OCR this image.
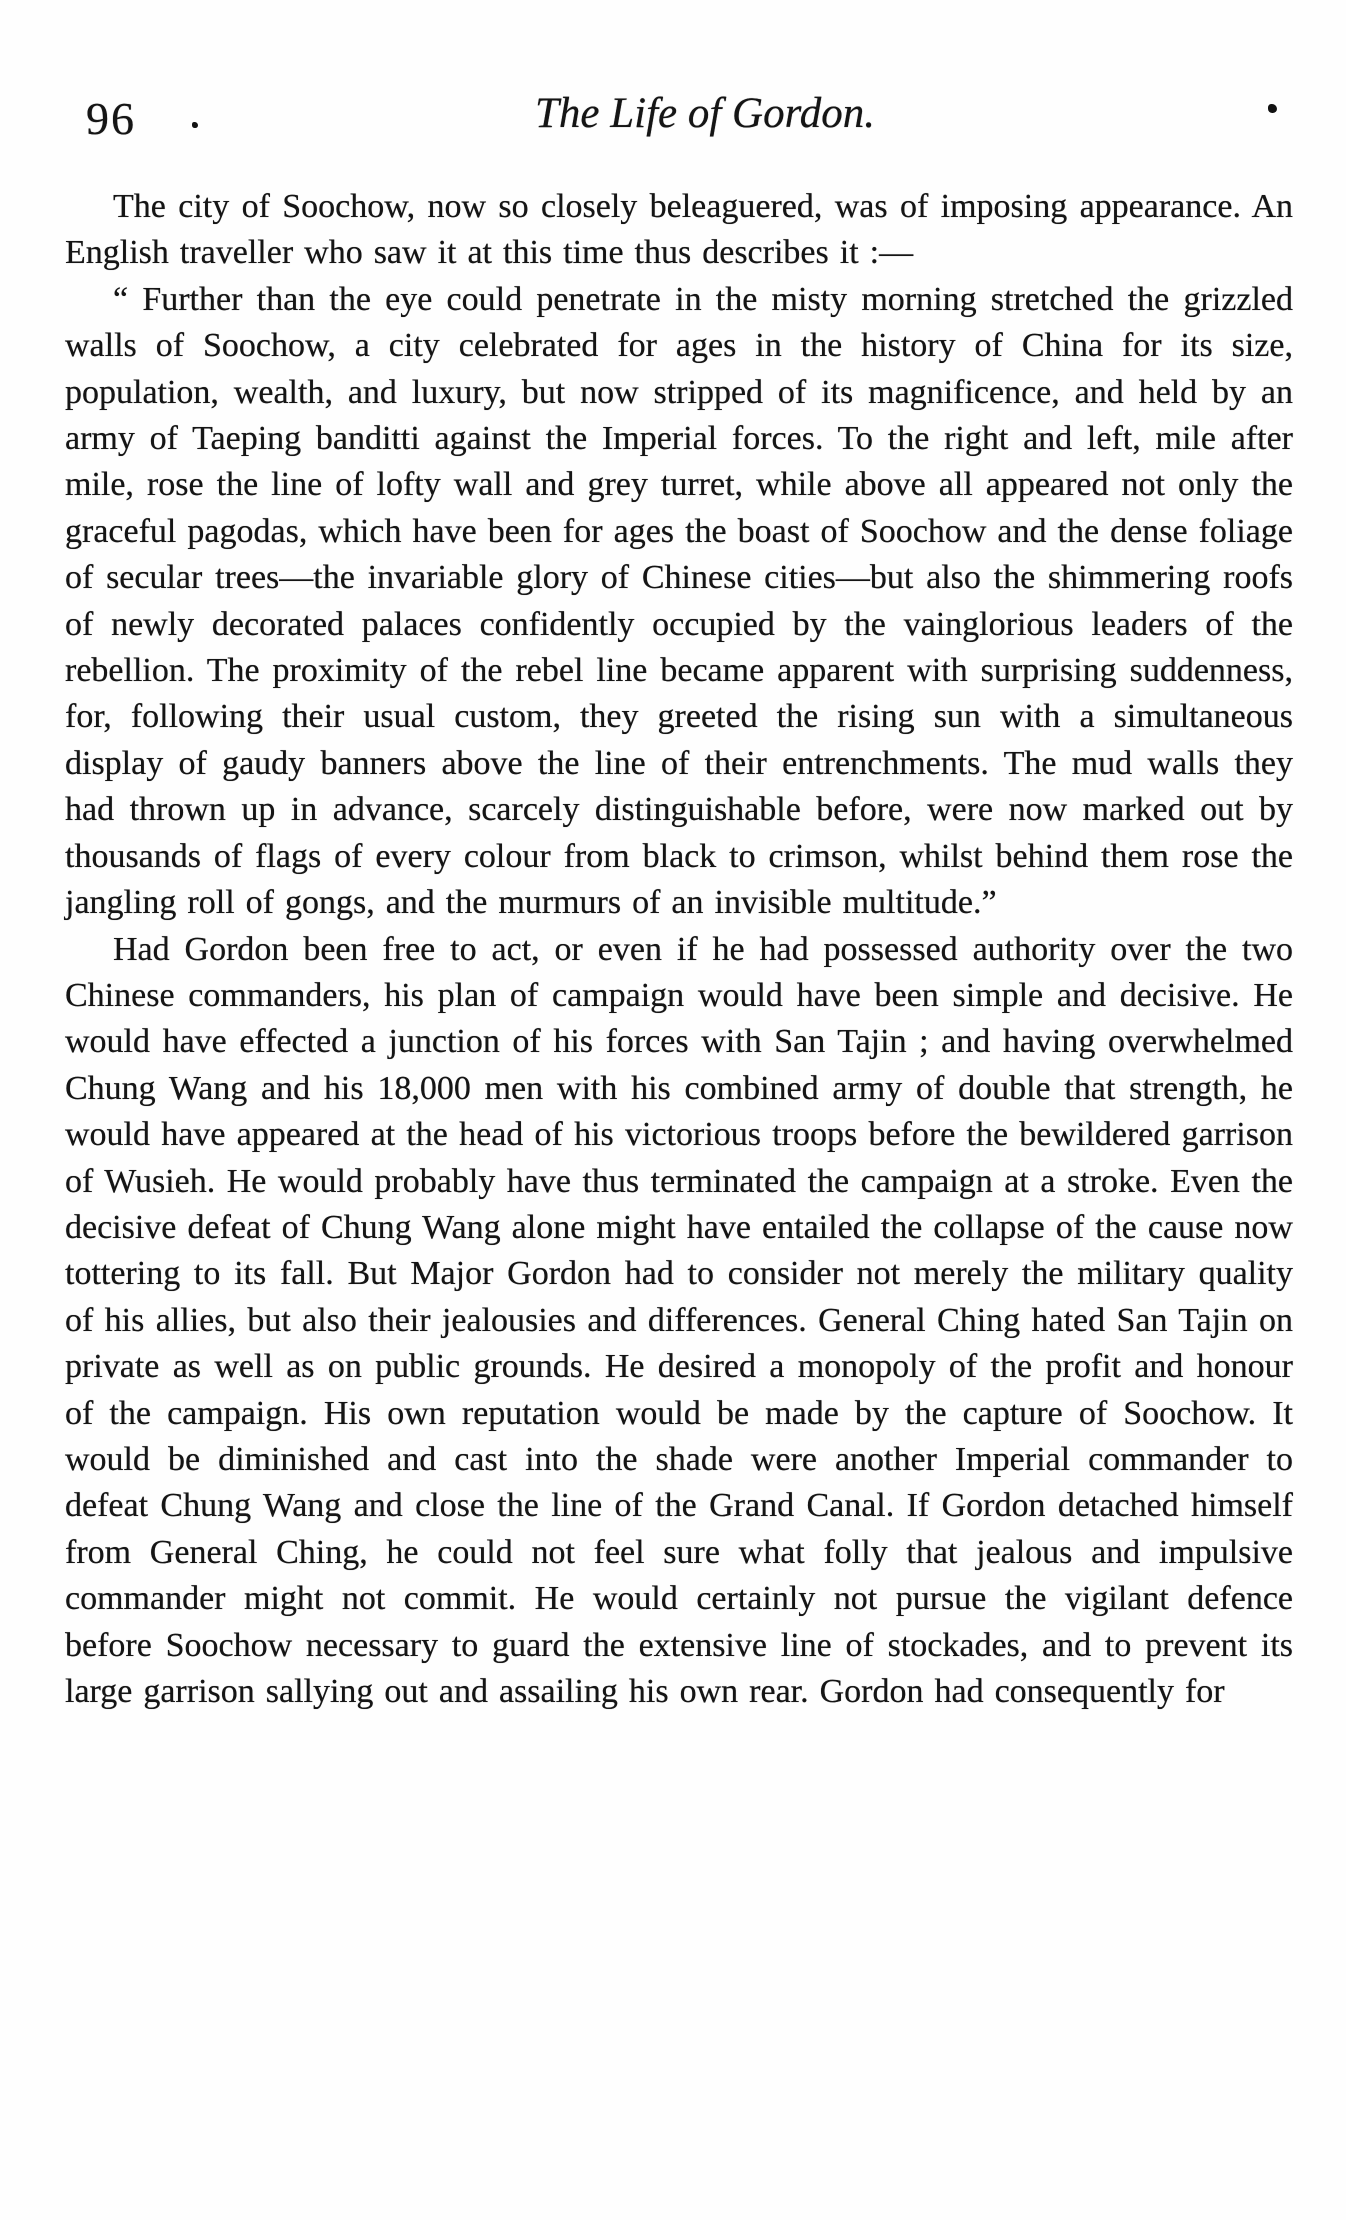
96	The Life of Gordon.

The city of Soochow, now so closely beleaguered, was of imposing appearance. An English traveller who saw it at this time thus describes it :—

“ Further than the eye could penetrate in the misty morning stretched the grizzled walls of Soochow, a city celebrated for ages in the history of China for its size, population, wealth, and luxury, but now stripped of its magnificence, and held by an army of Taeping banditti against the Imperial forces. To the right and left, mile after mile, rose the line of lofty wall and grey turret, while above all appeared not only the graceful pagodas, which have been for ages the boast of Soochow and the dense foliage of secular trees—the invariable glory of Chinese cities—but also the shimmering roofs of newly decorated palaces confidently occupied by the vainglorious leaders of the rebellion. The proximity of the rebel line became apparent with surprising suddenness, for, following their usual custom, they greeted the rising sun with a simultaneous display of gaudy banners above the line of their entrenchments. The mud walls they had thrown up in advance, scarcely distinguishable before, were now marked out by thousands of flags of every colour from black to crimson, whilst behind them rose the jangling roll of gongs, and the murmurs of an invisible multitude.”

Had Gordon been free to act, or even if he had possessed authority over the two Chinese commanders, his plan of campaign would have been simple and decisive. He would have effected a junction of his forces with San Tajin ; and having overwhelmed Chung Wang and his 18,000 men with his combined army of double that strength, he would have appeared at the head of his victorious troops before the bewildered garrison of Wusieh. He would probably have thus terminated the campaign at a stroke. Even the decisive defeat of Chung Wang alone might have entailed the collapse of the cause now tottering to its fall. But Major Gordon had to consider not merely the military quality of his allies, but also their jealousies and differences. General Ching hated San Tajin on private as well as on public grounds. He desired a monopoly of the profit and honour of the campaign. His own reputation would be made by the capture of Soochow. It would be diminished and cast into the shade were another Imperial commander to defeat Chung Wang and close the line of the Grand Canal. If Gordon detached himself from General Ching, he could not feel sure what folly that jealous and impulsive commander might not commit. He would certainly not pursue the vigilant defence before Soochow necessary to guard the extensive line of stockades, and to prevent its large garrison sallying out and assailing his own rear. Gordon had consequently for
